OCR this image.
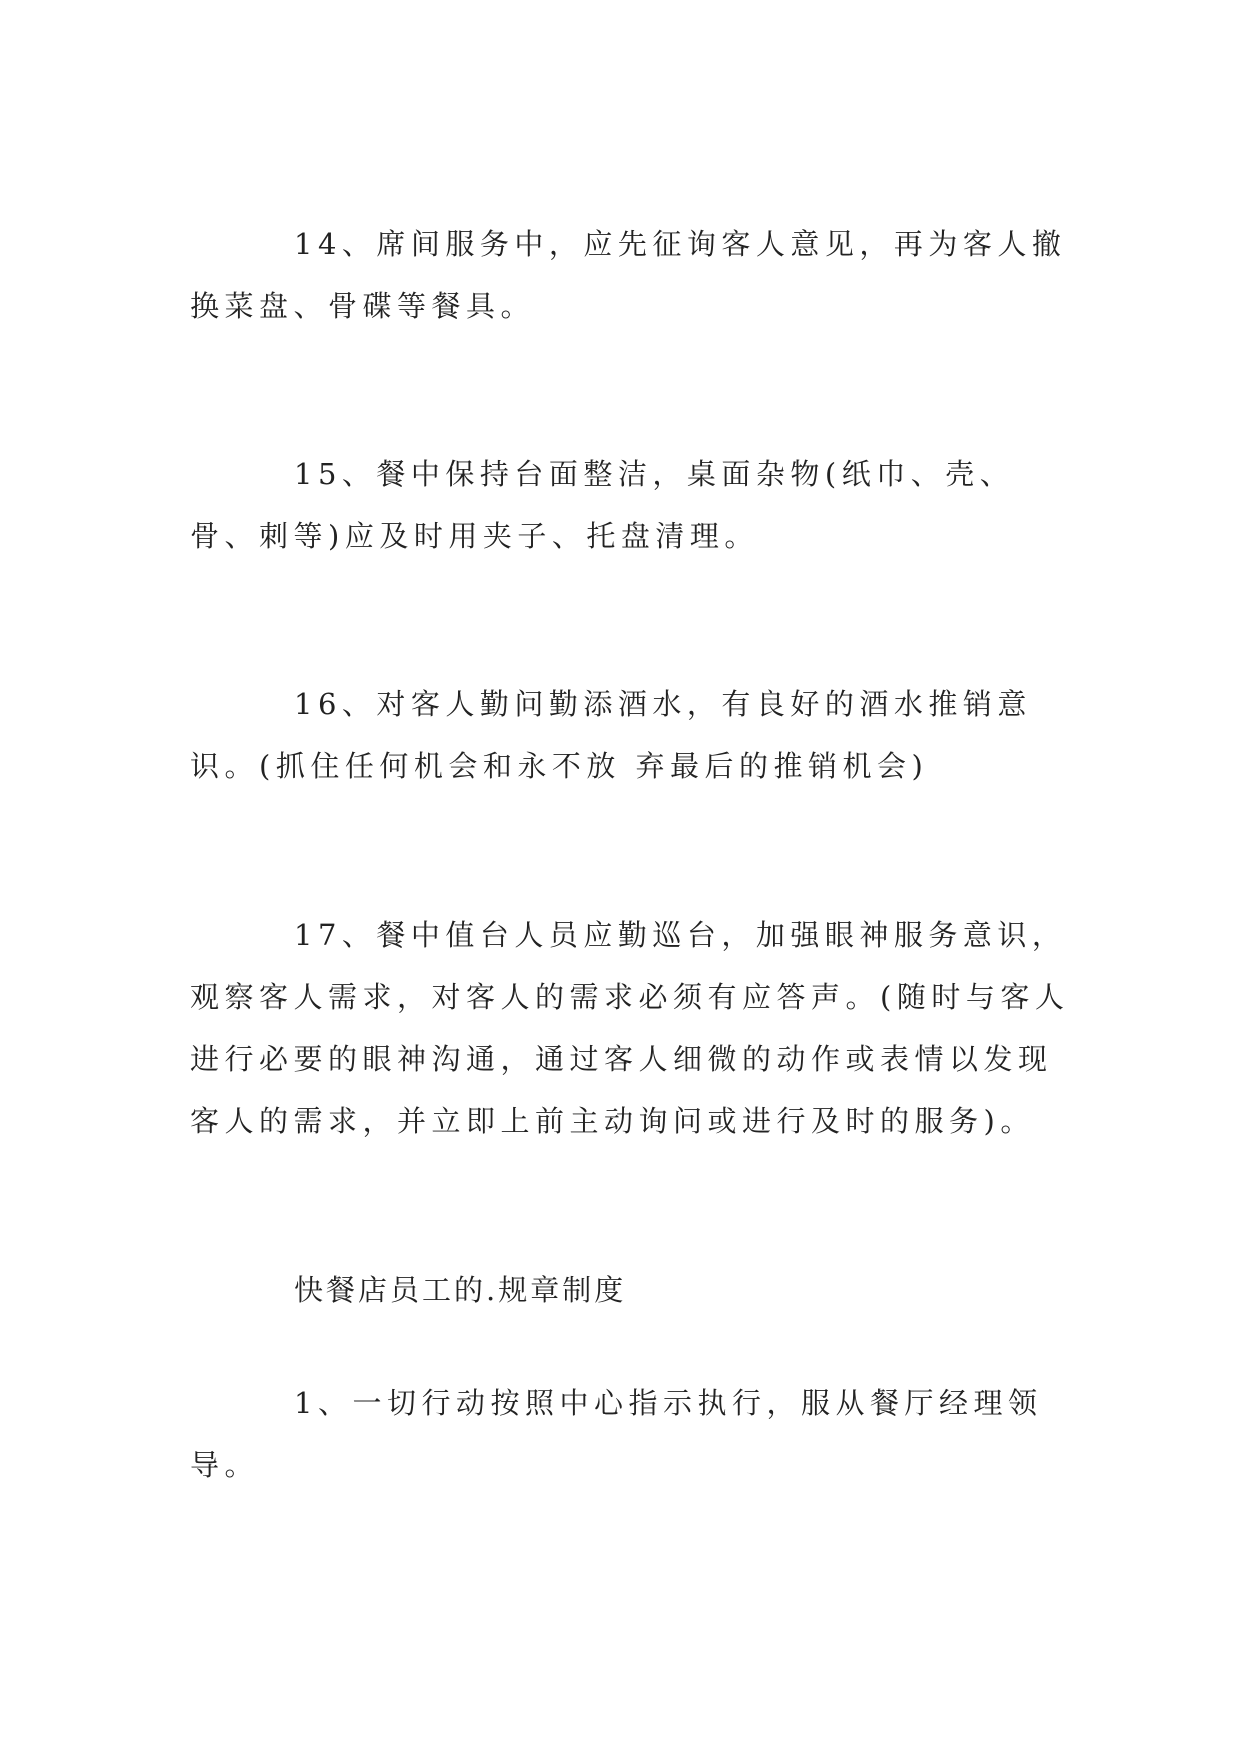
14、席间服务中，应先征询客人意见，再为客人撤换菜盘、骨碟等餐具。

15、餐中保持台面整洁，桌面杂物(纸巾、壳、骨、刺等)应及时用夹子、托盘清理。

16、对客人勤问勤添酒水，有良好的酒水推销意识。(抓住任何机会和永不放 弃最后的推销机会)

17、餐中值台人员应勤巡台，加强眼神服务意识，观察客人需求，对客人的需求必须有应答声。(随时与客人进行必要的眼神沟通，通过客人细微的动作或表情以发现客人的需求，并立即上前主动询问或进行及时的服务)。

快餐店员工的.规章制度

1、一切行动按照中心指示执行，服从餐厅经理领导。
